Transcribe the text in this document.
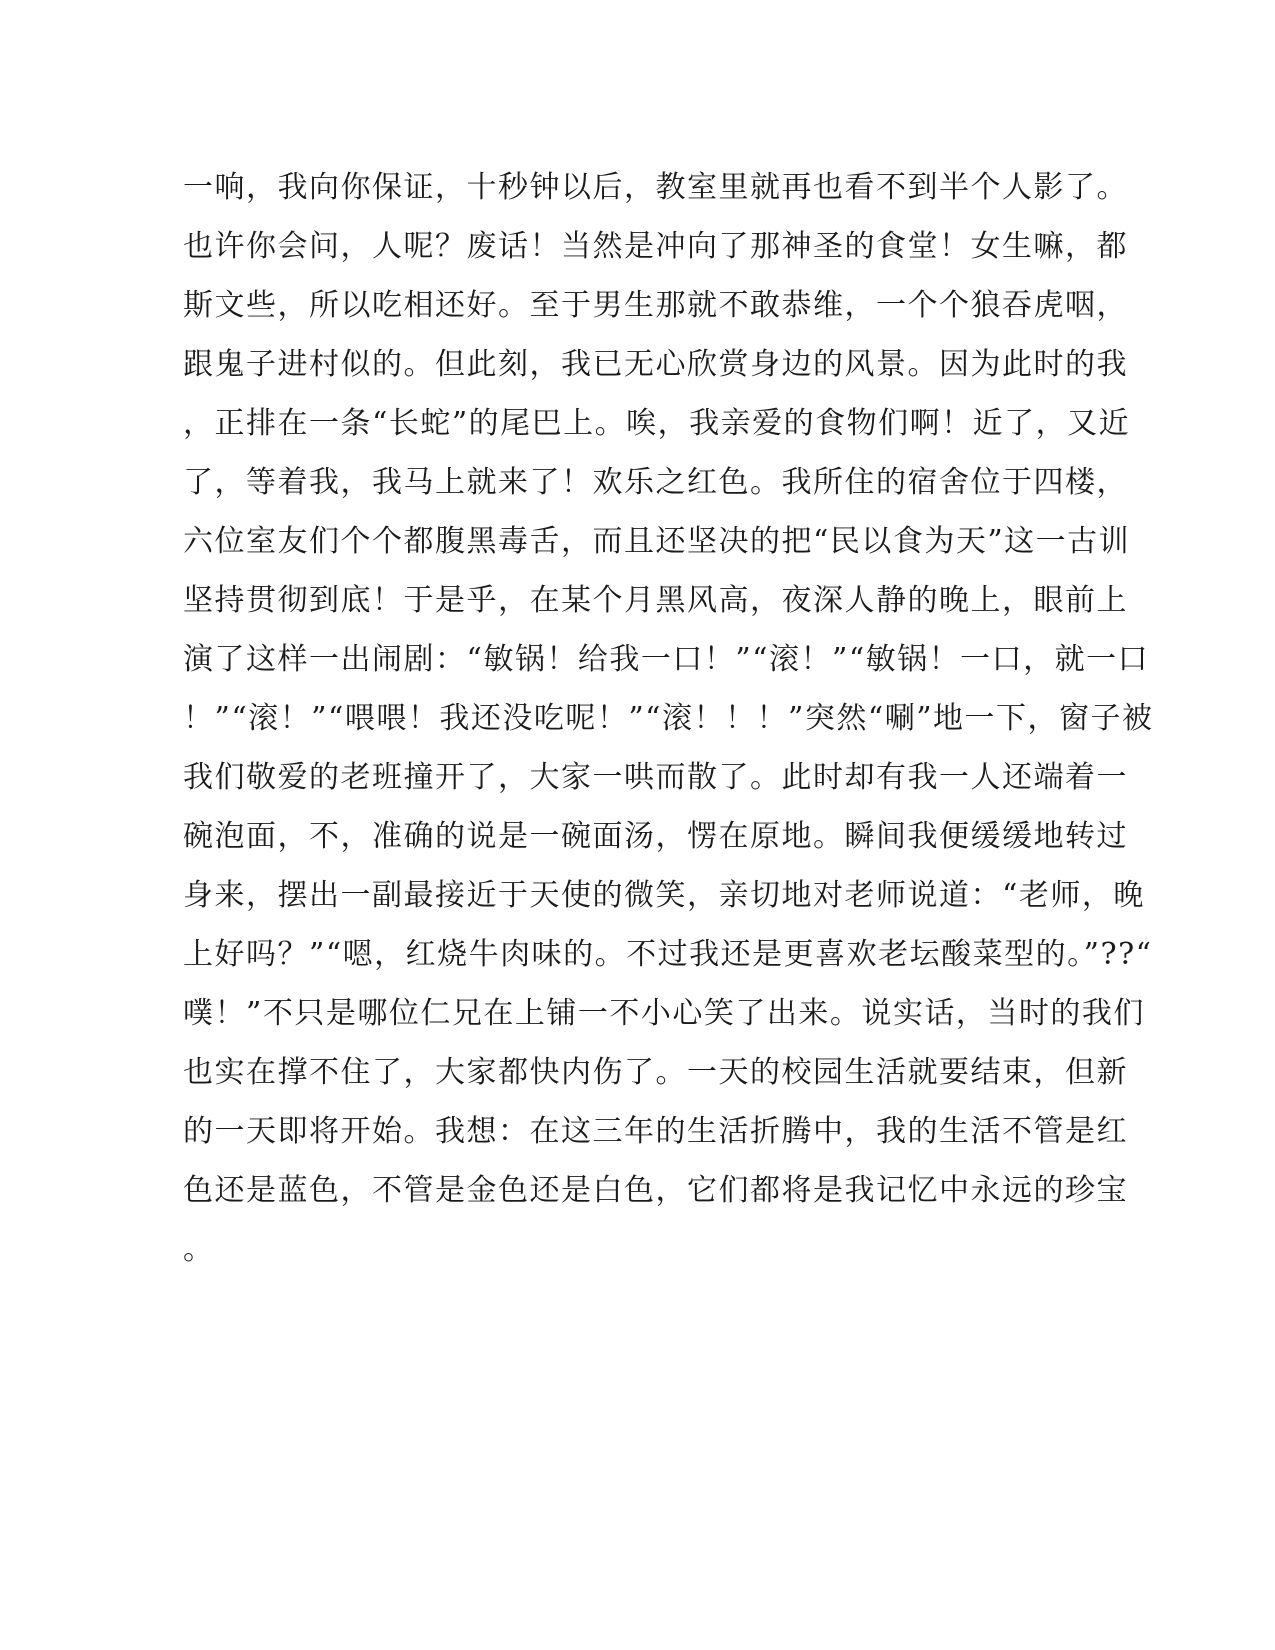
一响，我向你保证，十秒钟以后，教室里就再也看不到半个人影了。
也许你会问，人呢？废话！当然是冲向了那神圣的食堂！女生嘛，都
斯文些，所以吃相还好。至于男生那就不敢恭维，一个个狼吞虎咽，
跟鬼子进村似的。但此刻，我已无心欣赏身边的风景。因为此时的我
，正排在一条“长蛇”的尾巴上。唉，我亲爱的食物们啊！近了，又近
了，等着我，我马上就来了！欢乐之红色。我所住的宿舍位于四楼，
六位室友们个个都腹黑毒舌，而且还坚决的把“民以食为天”这一古训
坚持贯彻到底！于是乎，在某个月黑风高，夜深人静的晚上，眼前上
演了这样一出闹剧：“敏锅！给我一口！”“滚！”“敏锅！一口，就一口
！”“滚！”“喂喂！我还没吃呢！”“滚！！！”突然“唰”地一下，窗子被
我们敬爱的老班撞开了，大家一哄而散了。此时却有我一人还端着一
碗泡面，不，准确的说是一碗面汤，愣在原地。瞬间我便缓缓地转过
身来，摆出一副最接近于天使的微笑，亲切地对老师说道：“老师，晚
上好吗？”“嗯，红烧牛肉味的。不过我还是更喜欢老坛酸菜型的。”??“
噗！”不只是哪位仁兄在上铺一不小心笑了出来。说实话，当时的我们
也实在撑不住了，大家都快内伤了。一天的校园生活就要结束，但新
的一天即将开始。我想：在这三年的生活折腾中，我的生活不管是红
色还是蓝色，不管是金色还是白色，它们都将是我记忆中永远的珍宝
。
